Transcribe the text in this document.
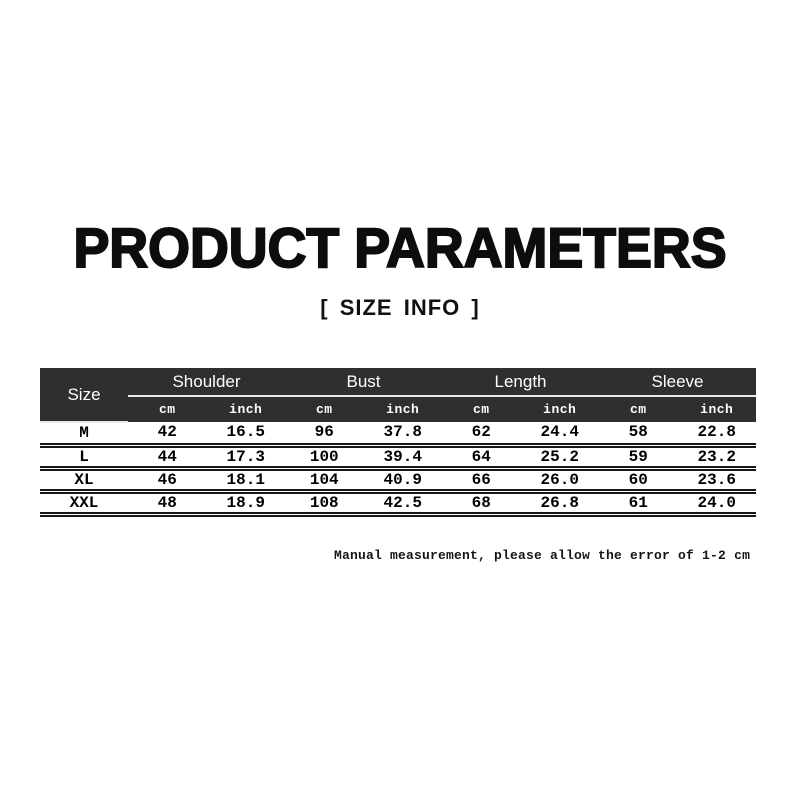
PRODUCT PARAMETERS
[ SIZE INFO ]
Size	Shoulder		Bust		Length		Sleeve	
	cm	inch	cm	inch	cm	inch	cm	inch
M	42	16.5	96	37.8	62	24.4	58	22.8
L	44	17.3	100	39.4	64	25.2	59	23.2
XL	46	18.1	104	40.9	66	26.0	60	23.6
XXL	48	18.9	108	42.5	68	26.8	61	24.0
Manual measurement, please allow the error of 1-2 cm
